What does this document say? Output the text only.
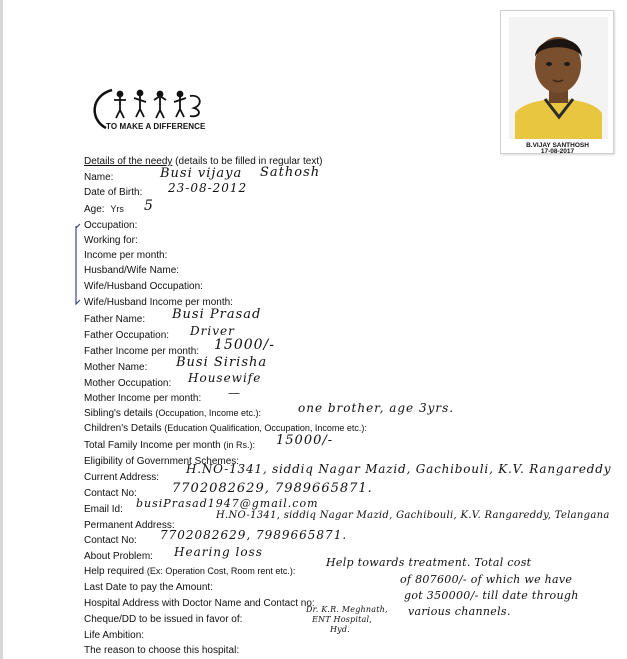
TO MAKE A DIFFERENCE
B.VIJAY SANTHOSH
17-08-2017
Details of the needy (details to be filled in regular text)
Name:	Busi vijaya Sathosh
Date of Birth: 23-08-2012
Age: Yrs 5
Occupation:
Working for:
Income per month:
Husband/Wife Name:
Wife/Husband Occupation:
Wife/Husband Income per month:
Father Name: Busi Prasad
Father Occupation: Driver
Father Income per month: 15000/-
Mother Name: Busi Sirisha
Mother Occupation: Housewife
Mother Income per month: —
Sibling's details (Occupation, Income etc.):	one brother, age 3yrs.
Children's Details (Education Qualification, Occupation, Income etc.):
Total Family Income per month (in Rs.): 15000/-
Eligibility of Government Schemes:
Current Address:
H.NO-1341, siddiq Nagar Mazid, Gachibouli, K.V. Rangareddy
Contact No:	7702082629, 7989665871.
Email Id: busiPrasad1947@gmail.com
Permanent Address:
H.NO-1341, siddiq Nagar Mazid, Gachibouli, K.V. Rangareddy, Telangana
Contact No: 7702082629, 7989665871.
About Problem: Hearing loss
Help required (Ex: Operation Cost, Room rent etc.):
Help towards treatment. Total cost
of 807600/- of which we have
got 350000/- till date through
various channels.
Last Date to pay the Amount:
Hospital Address with Doctor Name and Contact no:
Dr. K.R. Meghnath,
ENT Hospital,
Hyd.
Cheque/DD to be issued in favor of:
Life Ambition:
The reason to choose this hospital:
